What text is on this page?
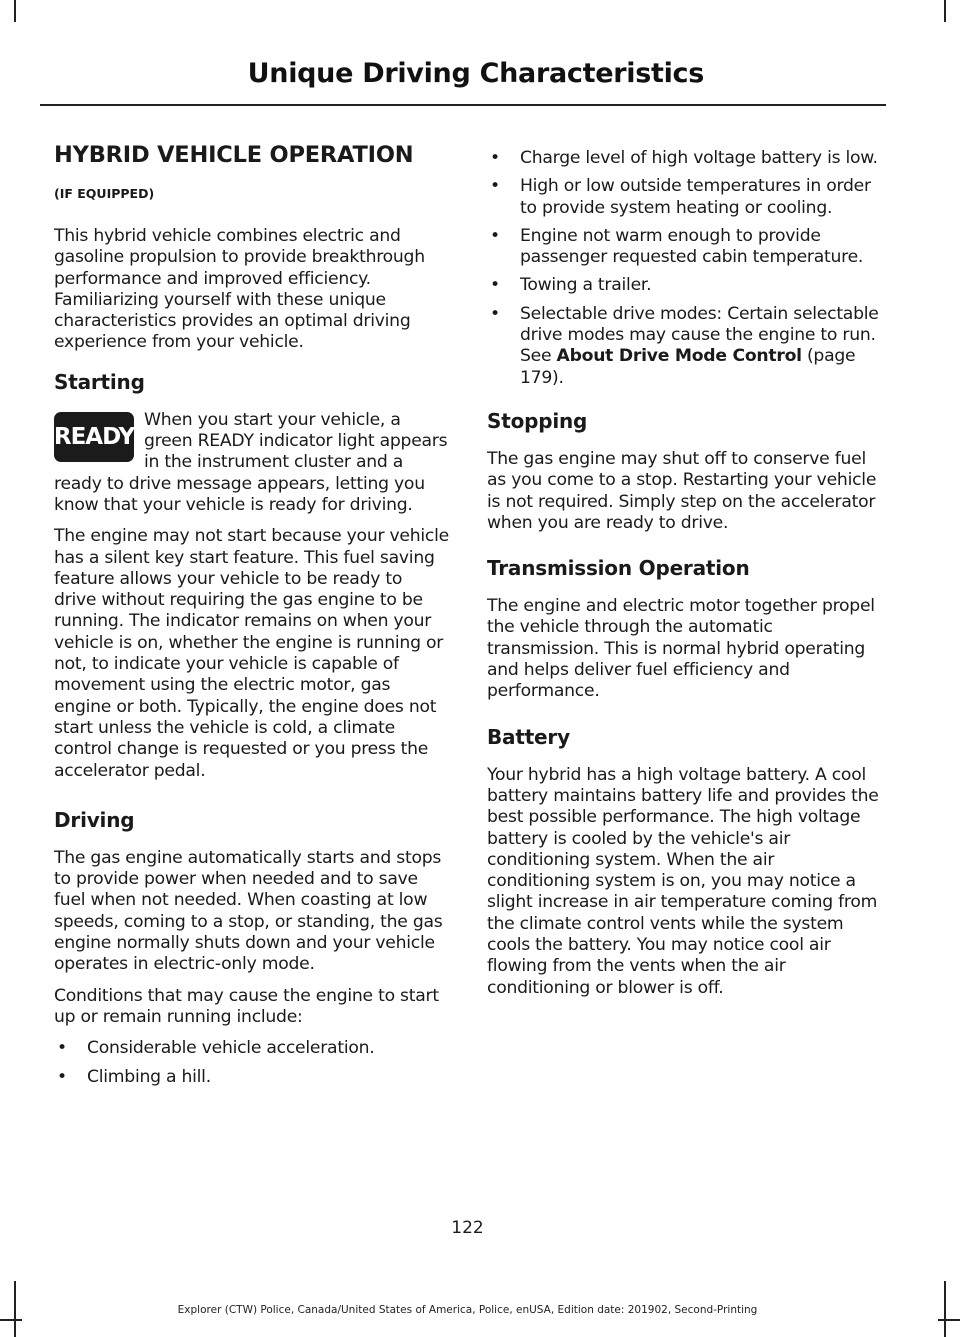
Unique Driving Characteristics
HYBRID VEHICLE OPERATION
(IF EQUIPPED)

This hybrid vehicle combines electric and gasoline propulsion to provide breakthrough performance and improved efficiency. Familiarizing yourself with these unique characteristics provides an optimal driving experience from your vehicle.

Starting
READY

When you start your vehicle, a green READY indicator light appears in the instrument cluster and a ready to drive message appears, letting you know that your vehicle is ready for driving.

The engine may not start because your vehicle has a silent key start feature. This fuel saving feature allows your vehicle to be ready to drive without requiring the gas engine to be running. The indicator remains on when your vehicle is on, whether the engine is running or not, to indicate your vehicle is capable of movement using the electric motor, gas engine or both. Typically, the engine does not start unless the vehicle is cold, a climate control change is requested or you press the accelerator pedal.

Driving

The gas engine automatically starts and stops to provide power when needed and to save fuel when not needed. When coasting at low speeds, coming to a stop, or standing, the gas engine normally shuts down and your vehicle operates in electric-only mode.

Conditions that may cause the engine to start up or remain running include:

• Considerable vehicle acceleration.
• Climbing a hill.
• Charge level of high voltage battery is low.
• High or low outside temperatures in order to provide system heating or cooling.
• Engine not warm enough to provide passenger requested cabin temperature.
• Towing a trailer.
• Selectable drive modes: Certain selectable drive modes may cause the engine to run. See About Drive Mode Control (page 179).
Stopping

The gas engine may shut off to conserve fuel as you come to a stop. Restarting your vehicle is not required. Simply step on the accelerator when you are ready to drive.

Transmission Operation

The engine and electric motor together propel the vehicle through the automatic transmission. This is normal hybrid operating and helps deliver fuel efficiency and performance.

Battery

Your hybrid has a high voltage battery. A cool battery maintains battery life and provides the best possible performance. The high voltage battery is cooled by the vehicle's air conditioning system. When the air conditioning system is on, you may notice a slight increase in air temperature coming from the climate control vents while the system cools the battery. You may notice cool air flowing from the vents when the air conditioning or blower is off.

122
Explorer (CTW) Police, Canada/United States of America, Police, enUSA, Edition date: 201902, Second-Printing
